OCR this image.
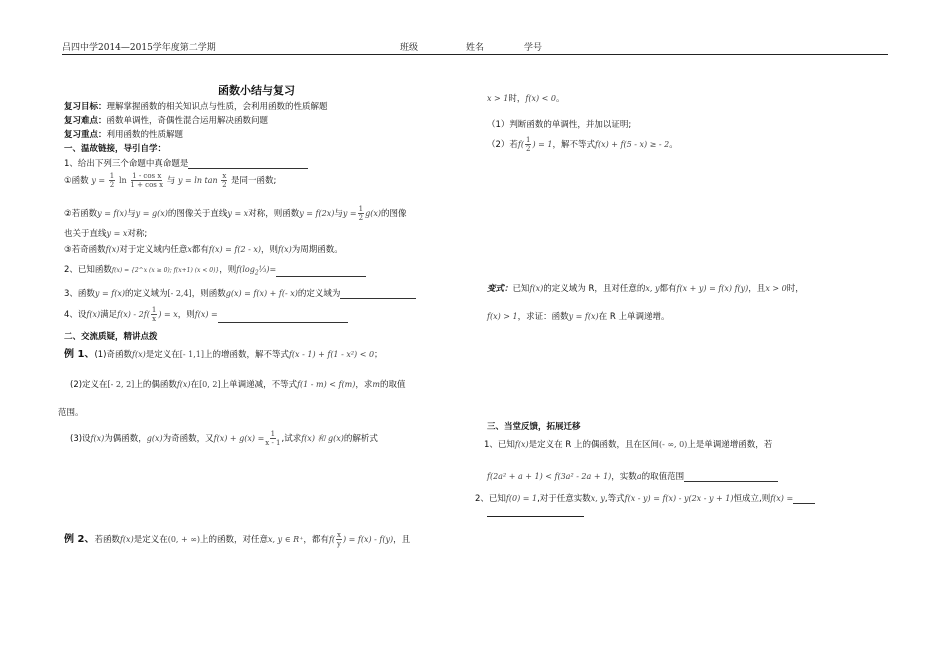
吕四中学2014—2015学年度第二学期	班级	姓名	学号
函数小结与复习
复习目标：理解掌握函数的相关知识点与性质，会利用函数的性质解题
复习难点：函数单调性，奇偶性混合运用解决函数问题
复习重点：利用函数的性质解题
一、温故链接，导引自学：
1、给出下列三个命题中真命题是
①函数 $y = \frac{1}{2}$ $\ln \frac{\text{1 - cos x}}{\text{1 + cos x}}$ 与 $y = \ln \tan \frac{x}{2}$ 是同一函数;
②若函数y = f(x)与y = g(x)的图像关于直线y = x对称，则函数y = f(2x)与$y = \frac{1}{2} g(x)$的图像
也关于直线y = x对称;
③若奇函数f(x)对于定义域内任意x都有f(x) = f(2 - x)，则f(x)为周期函数。
2、已知函数f(x) = {2^x (x ≥ 0); f(x+1) (x < 0)}，则$f(\log_2\frac{1}{3})=$
3、函数y = f(x)的定义域为[- 2,4]，则函数g(x) = f(x) + f(- x)的定义域为
4、设f(x)满足$f(x) - 2f( \frac{1}{x}$ ) = x，则f(x) =
二、交流质疑，精讲点拨
例 1、(1)奇函数f(x)是定义在[- 1,1]上的增函数，解不等式f(x - 1) + f(1 - x²) < 0；
(2)定义在[- 2, 2]上的偶函数f(x)在[0, 2]上单调递减，不等式f(1 - m) < f(m)，求m的取值
范围。
(3)设f(x)为偶函数，g(x)为奇函数，又$f(x) + g(x) = \frac{1}{x - 1}$ ,试求f(x) 和 g(x)的解析式
例 2、若函数f(x)是定义在(0, + ∞)上的函数，对任意x, y ∈ R⁺，都有$f( \frac{x}{y}$ ) = f(x) - f(y)，且
x > 1时，f(x) < 0。
（1）判断函数的单调性，并加以证明;
（2）若$f( \frac{1}{2}$ ) = 1，解不等式f(x) + f(5 - x) ≥ - 2。
变式：已知f(x)的定义域为 R，且对任意的x, y都有f(x + y) = f(x) f(y)，且x > 0时，
f(x) > 1，求证：函数y = f(x)在 R 上单调递增。
三、当堂反馈，拓展迁移
1、已知f(x)是定义在 R 上的偶函数，且在区间(- ∞, 0)上是单调递增函数，若
f(2a² + a + 1) < f(3a² - 2a + 1)，实数a的取值范围
2、已知f(0) = 1,对于任意实数x, y,等式f(x - y) = f(x) - y(2x - y + 1)恒成立,则f(x) =
